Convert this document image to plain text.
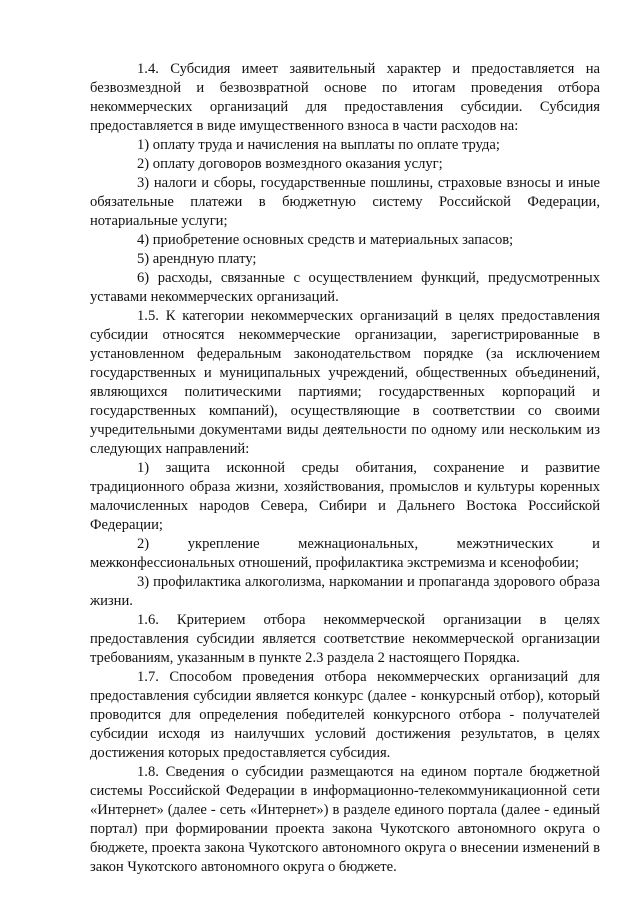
1.4. Субсидия имеет заявительный характер и предоставляется на безвозмездной и безвозвратной основе по итогам проведения отбора некоммерческих организаций для предоставления субсидии. Субсидия предоставляется в виде имущественного взноса в части расходов на:

1) оплату труда и начисления на выплаты по оплате труда;

2) оплату договоров возмездного оказания услуг;

3) налоги и сборы, государственные пошлины, страховые взносы и иные обязательные платежи в бюджетную систему Российской Федерации, нотариальные услуги;

4) приобретение основных средств и материальных запасов;

5) арендную плату;

6) расходы, связанные с осуществлением функций, предусмотренных уставами некоммерческих организаций.

1.5. К категории некоммерческих организаций в целях предоставления субсидии относятся некоммерческие организации, зарегистрированные в установленном федеральным законодательством порядке (за исключением государственных и муниципальных учреждений, общественных объединений, являющихся политическими партиями; государственных корпораций и государственных компаний), осуществляющие в соответствии со своими учредительными документами виды деятельности по одному или нескольким из следующих направлений:

1) защита исконной среды обитания, сохранение и развитие традиционного образа жизни, хозяйствования, промыслов и культуры коренных малочисленных народов Севера, Сибири и Дальнего Востока Российской Федерации;

2) укрепление межнациональных, межэтнических и межконфессиональных отношений, профилактика экстремизма и ксенофобии;

3) профилактика алкоголизма, наркомании и пропаганда здорового образа жизни.

1.6. Критерием отбора некоммерческой организации в целях предоставления субсидии является соответствие некоммерческой организации требованиям, указанным в пункте 2.3 раздела 2 настоящего Порядка.

1.7. Способом проведения отбора некоммерческих организаций для предоставления субсидии является конкурс (далее - конкурсный отбор), который проводится для определения победителей конкурсного отбора - получателей субсидии исходя из наилучших условий достижения результатов, в целях достижения которых предоставляется субсидия.

1.8. Сведения о субсидии размещаются на едином портале бюджетной системы Российской Федерации в информационно-телекоммуникационной сети «Интернет» (далее - сеть «Интернет») в разделе единого портала (далее - единый портал) при формировании проекта закона Чукотского автономного округа о бюджете, проекта закона Чукотского автономного округа о внесении изменений в закон Чукотского автономного округа о бюджете.
